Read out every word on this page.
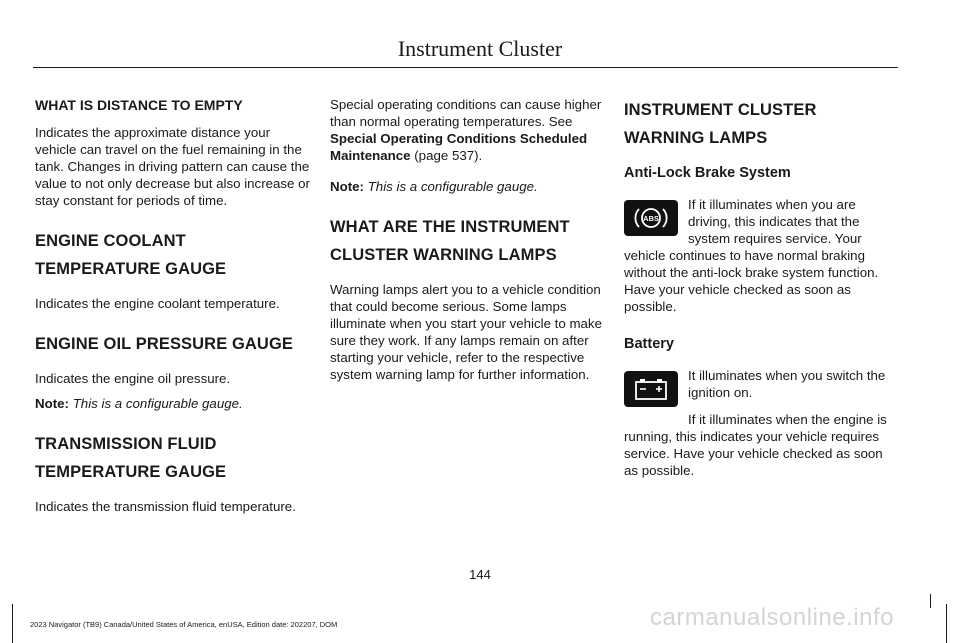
Instrument Cluster
WHAT IS DISTANCE TO EMPTY

Indicates the approximate distance your vehicle can travel on the fuel remaining in the tank. Changes in driving pattern can cause the value to not only decrease but also increase or stay constant for periods of time.

ENGINE COOLANT TEMPERATURE GAUGE

Indicates the engine coolant temperature.

ENGINE OIL PRESSURE GAUGE

Indicates the engine oil pressure.

Note: This is a configurable gauge.

TRANSMISSION FLUID TEMPERATURE GAUGE

Indicates the transmission fluid temperature.

Special operating conditions can cause higher than normal operating temperatures. See Special Operating Conditions Scheduled Maintenance (page 537).

Note: This is a configurable gauge.

WHAT ARE THE INSTRUMENT CLUSTER WARNING LAMPS

Warning lamps alert you to a vehicle condition that could become serious. Some lamps illuminate when you start your vehicle to make sure they work. If any lamps remain on after starting your vehicle, refer to the respective system warning lamp for further information.

INSTRUMENT CLUSTER WARNING LAMPS
Anti-Lock Brake System
ABS

If it illuminates when you are driving, this indicates that the system requires service. Your vehicle continues to have normal braking without the anti-lock brake system function. Have your vehicle checked as soon as possible.

Battery

It illuminates when you switch the ignition on.

If it illuminates when the engine is running, this indicates your vehicle requires service. Have your vehicle checked as soon as possible.

144
2023 Navigator (TB9) Canada/United States of America, enUSA, Edition date: 202207, DOM	carmanualsonline.info
